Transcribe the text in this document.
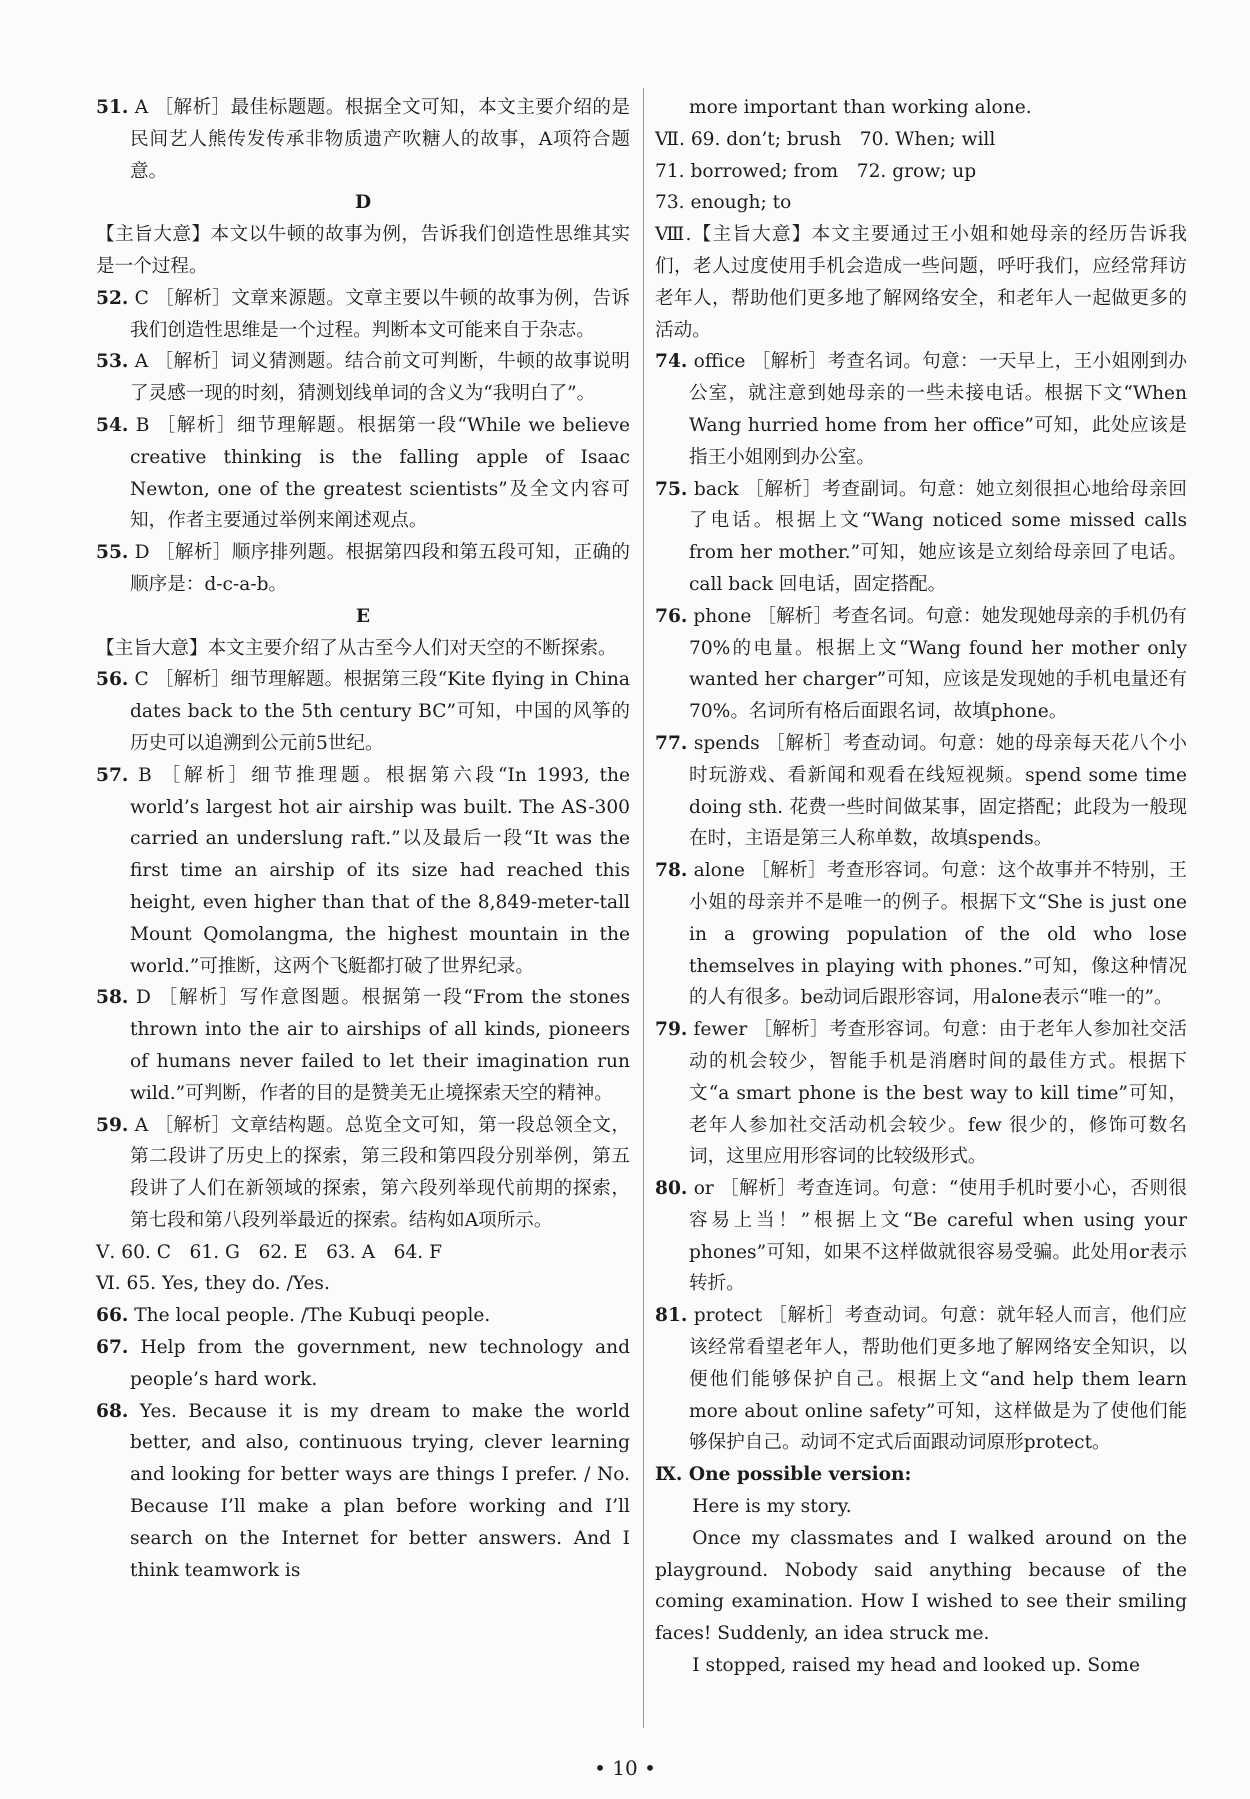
51. A ［解析］最佳标题题。根据全文可知，本文主要介绍的是民间艺人熊传发传承非物质遗产吹糖人的故事，A项符合题意。
D
【主旨大意】本文以牛顿的故事为例，告诉我们创造性思维其实是一个过程。
52. C ［解析］文章来源题。文章主要以牛顿的故事为例，告诉我们创造性思维是一个过程。判断本文可能来自于杂志。
53. A ［解析］词义猜测题。结合前文可判断，牛顿的故事说明了灵感一现的时刻，猜测划线单词的含义为“我明白了”。
54. B ［解析］细节理解题。根据第一段“While we believe creative thinking is the falling apple of Isaac Newton, one of the greatest scientists”及全文内容可知，作者主要通过举例来阐述观点。
55. D ［解析］顺序排列题。根据第四段和第五段可知，正确的顺序是：d-c-a-b。
E
【主旨大意】本文主要介绍了从古至今人们对天空的不断探索。
56. C ［解析］细节理解题。根据第三段“Kite flying in China dates back to the 5th century BC”可知，中国的风筝的历史可以追溯到公元前5世纪。
57. B ［解析］细节推理题。根据第六段“In 1993, the world’s largest hot air airship was built. The AS-300 carried an underslung raft.”以及最后一段“It was the first time an airship of its size had reached this height, even higher than that of the 8,849-meter-tall Mount Qomolangma, the highest mountain in the world.”可推断，这两个飞艇都打破了世界纪录。
58. D ［解析］写作意图题。根据第一段“From the stones thrown into the air to airships of all kinds, pioneers of humans never failed to let their imagination run wild.”可判断，作者的目的是赞美无止境探索天空的精神。
59. A ［解析］文章结构题。总览全文可知，第一段总领全文，第二段讲了历史上的探索，第三段和第四段分别举例，第五段讲了人们在新领域的探索，第六段列举现代前期的探索，第七段和第八段列举最近的探索。结构如A项所示。
Ⅴ. 60. C　61. G　62. E　63. A　64. F
Ⅵ. 65. Yes, they do. /Yes.
66. The local people. /The Kubuqi people.
67. Help from the government, new technology and people’s hard work.
68. Yes. Because it is my dream to make the world better, and also, continuous trying, clever learning and looking for better ways are things I prefer. / No. Because I’ll make a plan before working and I’ll search on the Internet for better answers. And I think teamwork is
more important than working alone.
Ⅶ. 69. don’t; brush　70. When; will
71. borrowed; from　72. grow; up
73. enough; to
Ⅷ.【主旨大意】本文主要通过王小姐和她母亲的经历告诉我们，老人过度使用手机会造成一些问题，呼吁我们，应经常拜访老年人，帮助他们更多地了解网络安全，和老年人一起做更多的活动。
74. office ［解析］考查名词。句意：一天早上，王小姐刚到办公室，就注意到她母亲的一些未接电话。根据下文“When Wang hurried home from her office”可知，此处应该是指王小姐刚到办公室。
75. back ［解析］考查副词。句意：她立刻很担心地给母亲回了电话。根据上文“Wang noticed some missed calls from her mother.”可知，她应该是立刻给母亲回了电话。call back 回电话，固定搭配。
76. phone ［解析］考查名词。句意：她发现她母亲的手机仍有70%的电量。根据上文“Wang found her mother only wanted her charger”可知，应该是发现她的手机电量还有70%。名词所有格后面跟名词，故填phone。
77. spends ［解析］考查动词。句意：她的母亲每天花八个小时玩游戏、看新闻和观看在线短视频。spend some time doing sth. 花费一些时间做某事，固定搭配；此段为一般现在时，主语是第三人称单数，故填spends。
78. alone ［解析］考查形容词。句意：这个故事并不特别，王小姐的母亲并不是唯一的例子。根据下文“She is just one in a growing population of the old who lose themselves in playing with phones.”可知，像这种情况的人有很多。be动词后跟形容词，用alone表示“唯一的”。
79. fewer ［解析］考查形容词。句意：由于老年人参加社交活动的机会较少，智能手机是消磨时间的最佳方式。根据下文“a smart phone is the best way to kill time”可知，老年人参加社交活动机会较少。few 很少的，修饰可数名词，这里应用形容词的比较级形式。
80. or ［解析］考查连词。句意：“使用手机时要小心，否则很容易上当！”根据上文“Be careful when using your phones”可知，如果不这样做就很容易受骗。此处用or表示转折。
81. protect ［解析］考查动词。句意：就年轻人而言，他们应该经常看望老年人，帮助他们更多地了解网络安全知识，以便他们能够保护自己。根据上文“and help them learn more about online safety”可知，这样做是为了使他们能够保护自己。动词不定式后面跟动词原形protect。
Ⅸ. One possible version:
Here is my story.
Once my classmates and I walked around on the playground. Nobody said anything because of the coming examination. How I wished to see their smiling faces! Suddenly, an idea struck me.
I stopped, raised my head and looked up. Some
• 10 •
